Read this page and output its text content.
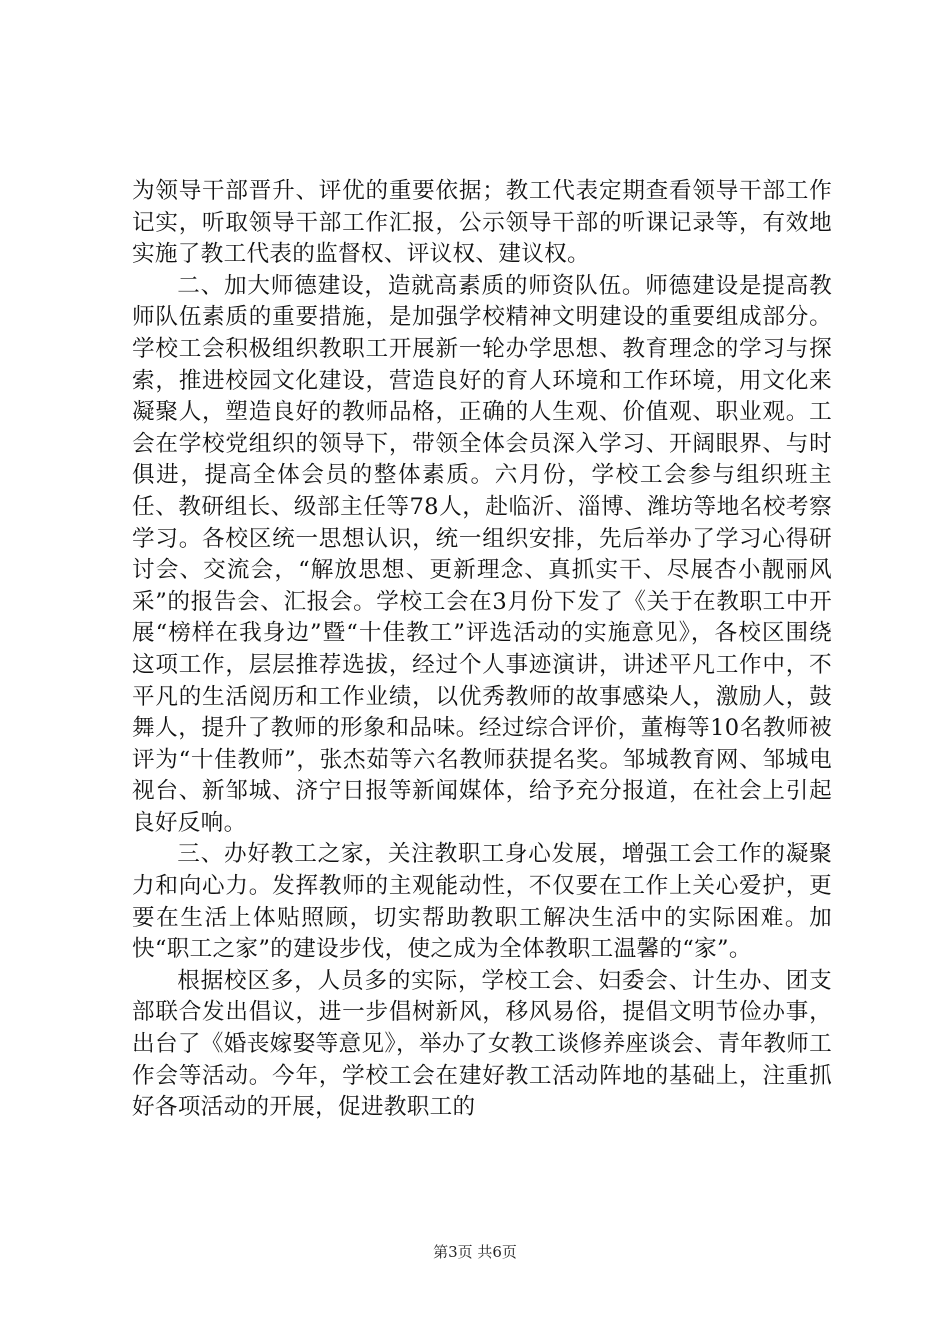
为领导干部晋升、评优的重要依据；教工代表定期查看领导干部工作记实，听取领导干部工作汇报，公示领导干部的听课记录等，有效地实施了教工代表的监督权、评议权、建议权。

二、加大师德建设，造就高素质的师资队伍。师德建设是提高教师队伍素质的重要措施，是加强学校精神文明建设的重要组成部分。学校工会积极组织教职工开展新一轮办学思想、教育理念的学习与探索，推进校园文化建设，营造良好的育人环境和工作环境，用文化来凝聚人，塑造良好的教师品格，正确的人生观、价值观、职业观。工会在学校党组织的领导下，带领全体会员深入学习、开阔眼界、与时俱进，提高全体会员的整体素质。六月份，学校工会参与组织班主任、教研组长、级部主任等78人，赴临沂、淄博、潍坊等地名校考察学习。各校区统一思想认识，统一组织安排，先后举办了学习心得研讨会、交流会，“解放思想、更新理念、真抓实干、尽展杏小靓丽风采”的报告会、汇报会。学校工会在3月份下发了《关于在教职工中开展“榜样在我身边”暨“十佳教工”评选活动的实施意见》，各校区围绕这项工作，层层推荐选拔，经过个人事迹演讲，讲述平凡工作中，不平凡的生活阅历和工作业绩，以优秀教师的故事感染人，激励人，鼓舞人，提升了教师的形象和品味。经过综合评价，董梅等10名教师被评为“十佳教师”，张杰茹等六名教师获提名奖。邹城教育网、邹城电视台、新邹城、济宁日报等新闻媒体，给予充分报道，在社会上引起良好反响。

三、办好教工之家，关注教职工身心发展，增强工会工作的凝聚力和向心力。发挥教师的主观能动性，不仅要在工作上关心爱护，更要在生活上体贴照顾，切实帮助教职工解决生活中的实际困难。加快“职工之家”的建设步伐，使之成为全体教职工温馨的“家”。

根据校区多，人员多的实际，学校工会、妇委会、计生办、团支部联合发出倡议，进一步倡树新风，移风易俗，提倡文明节俭办事，出台了《婚丧嫁娶等意见》，举办了女教工谈修养座谈会、青年教师工作会等活动。今年，学校工会在建好教工活动阵地的基础上，注重抓好各项活动的开展，促进教职工的

第3页 共6页
